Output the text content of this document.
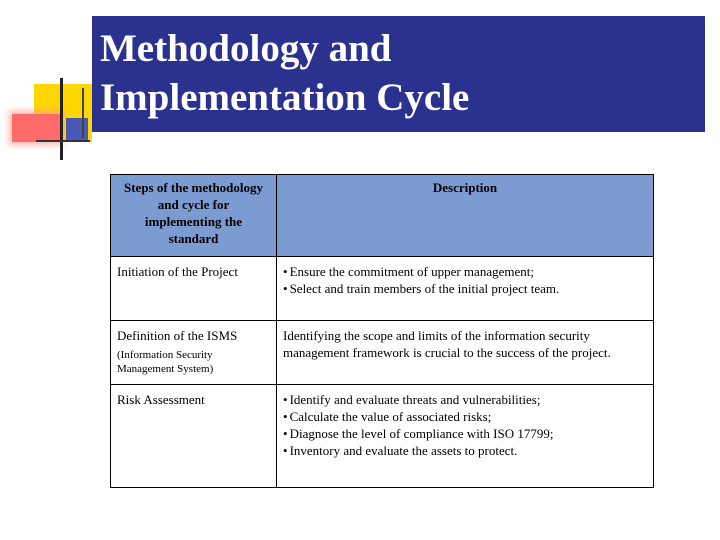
Methodology and
Implementation Cycle
Steps of the methodology and cycle for implementing the standard	Description
Initiation of the Project	• Ensure the commitment of upper management;
• Select and train members of the initial project team.

Definition of the ISMS
(Information Security Management System)	Identifying the scope and limits of the information security management framework is crucial to the success of the project.
Risk Assessment	• Identify and evaluate threats and vulnerabilities;
• Calculate the value of associated risks;
• Diagnose the level of compliance with ISO 17799;
• Inventory and evaluate the assets to protect.
